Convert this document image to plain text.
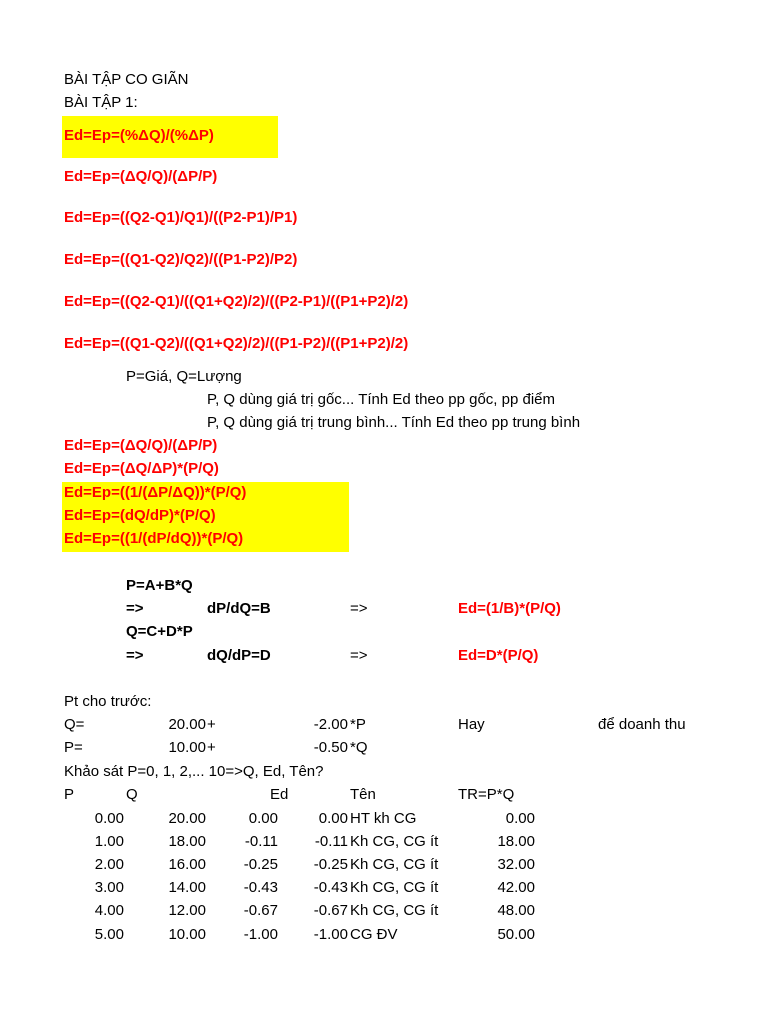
BÀI TẬP CO GIÃN
BÀI TẬP 1:
Ed=Ep=(%ΔQ)/(%ΔP)
Ed=Ep=(ΔQ/Q)/(ΔP/P)
Ed=Ep=((Q2-Q1)/Q1)/((P2-P1)/P1)
Ed=Ep=((Q1-Q2)/Q2)/((P1-P2)/P2)
Ed=Ep=((Q2-Q1)/((Q1+Q2)/2)/((P2-P1)/((P1+P2)/2)
Ed=Ep=((Q1-Q2)/((Q1+Q2)/2)/((P1-P2)/((P1+P2)/2)
P=Giá, Q=Lượng
P, Q dùng giá trị gốc... Tính Ed theo pp gốc, pp điểm
P, Q dùng giá trị trung bình... Tính Ed theo pp trung bình
Ed=Ep=(ΔQ/Q)/(ΔP/P)
Ed=Ep=(ΔQ/ΔP)*(P/Q)
Ed=Ep=((1/(ΔP/ΔQ))*(P/Q)
Ed=Ep=(dQ/dP)*(P/Q)
Ed=Ep=((1/(dP/dQ))*(P/Q)
P=A+B*Q
=>	dP/dQ=B	=>	Ed=(1/B)*(P/Q)
Q=C+D*P
=>	dQ/dP=D	=>	Ed=D*(P/Q)
Pt cho trước:
Q=	20.00 +	-2.00 *P	Hay	để doanh thu
P=	10.00 +	-0.50 *Q
Khảo sát P=0, 1, 2,... 10=>Q, Ed, Tên?
P	Q	Ed	Tên	TR=P*Q
0.00	20.00	0.00	0.00 HT kh CG	0.00
1.00	18.00	-0.11	-0.11 Kh CG, CG ít	18.00
2.00	16.00	-0.25	-0.25 Kh CG, CG ít	32.00
3.00	14.00	-0.43	-0.43 Kh CG, CG ít	42.00
4.00	12.00	-0.67	-0.67 Kh CG, CG ít	48.00
5.00	10.00	-1.00	-1.00 CG ĐV	50.00
